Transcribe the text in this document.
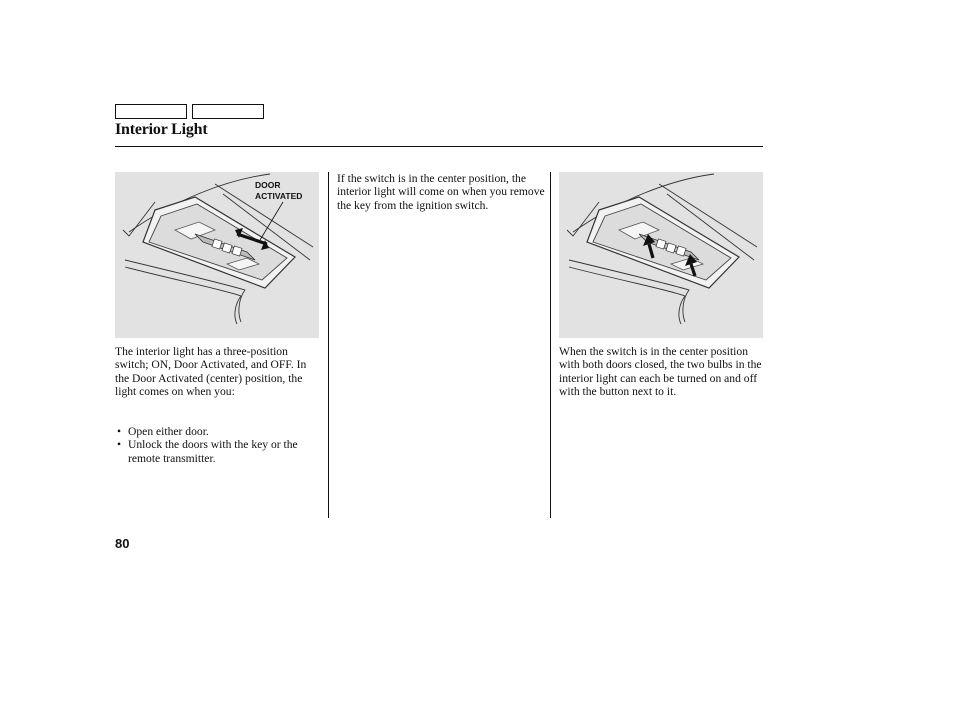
Interior Light
DOOR
ACTIVATED

The interior light has a three-position switch; ON, Door Activated, and OFF. In the Door Activated (center) position, the light comes on when you:

• Open either door.
• Unlock the doors with the key or the remote transmitter.

If the switch is in the center position, the interior light will come on when you remove the key from the ignition switch.

When the switch is in the center position with both doors closed, the two bulbs in the interior light can each be turned on and off with the button next to it.

80
